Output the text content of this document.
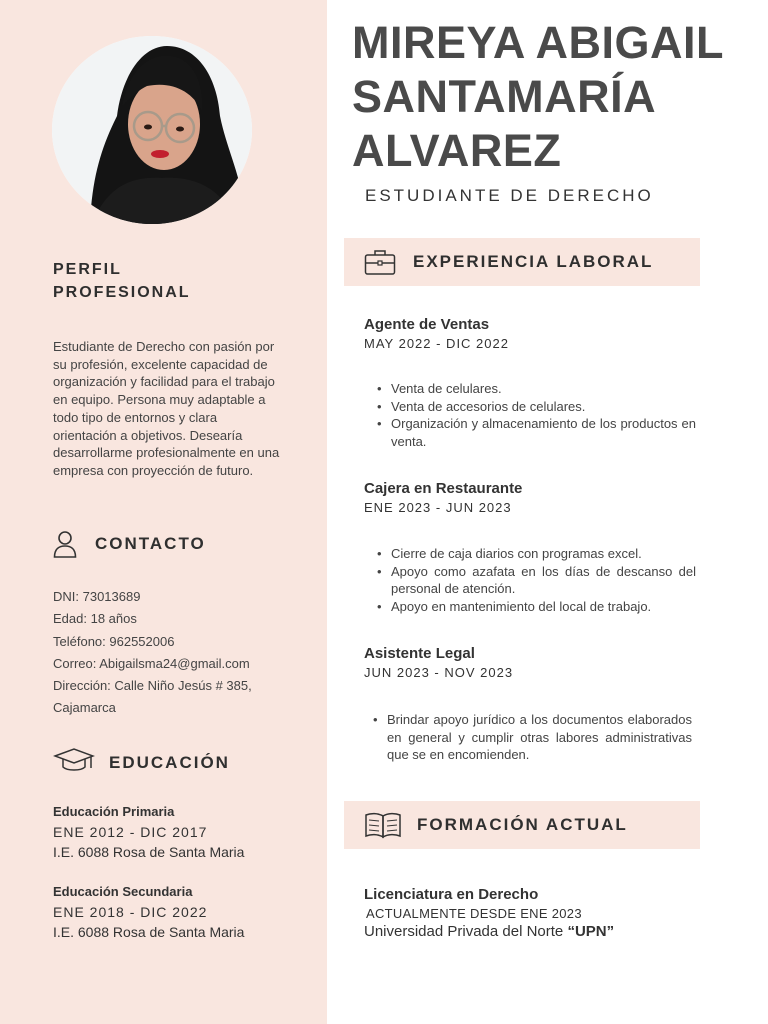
PERFIL
PROFESIONAL

Estudiante de Derecho con pasión por su profesión, excelente capacidad de organización y facilidad para el trabajo en equipo. Persona muy adaptable a todo tipo de entornos y clara orientación a objetivos. Desearía desarrollarme profesionalmente en una empresa con proyección de futuro.

CONTACTO
DNI: 73013689
Edad: 18 años
Teléfono: 962552006
Correo: Abigailsma24@gmail.com
Dirección: Calle Niño Jesús # 385,
Cajamarca
EDUCACIÓN
Educación Primaria
ENE 2012 - DIC 2017
I.E. 6088 Rosa de Santa Maria
Educación Secundaria
ENE 2018 - DIC 2022
I.E. 6088 Rosa de Santa Maria
MIREYA ABIGAIL
SANTAMARÍA
ALVAREZ
ESTUDIANTE DE DERECHO
EXPERIENCIA LABORAL
Agente de Ventas
MAY 2022 - DIC 2022
• Venta de celulares.
• Venta de accesorios de celulares.
• Organización y almacenamiento de los productos en venta.
Cajera en Restaurante
ENE 2023 - JUN 2023
• Cierre de caja diarios con programas excel.
• Apoyo como azafata en los días de descanso del personal de atención.
• Apoyo en mantenimiento del local de trabajo.
Asistente Legal
JUN 2023 - NOV 2023
• Brindar apoyo jurídico a los documentos elaborados en general y cumplir otras labores administrativas que se en encomienden.
FORMACIÓN ACTUAL
Licenciatura en Derecho
ACTUALMENTE DESDE ENE 2023
Universidad Privada del Norte “UPN”
